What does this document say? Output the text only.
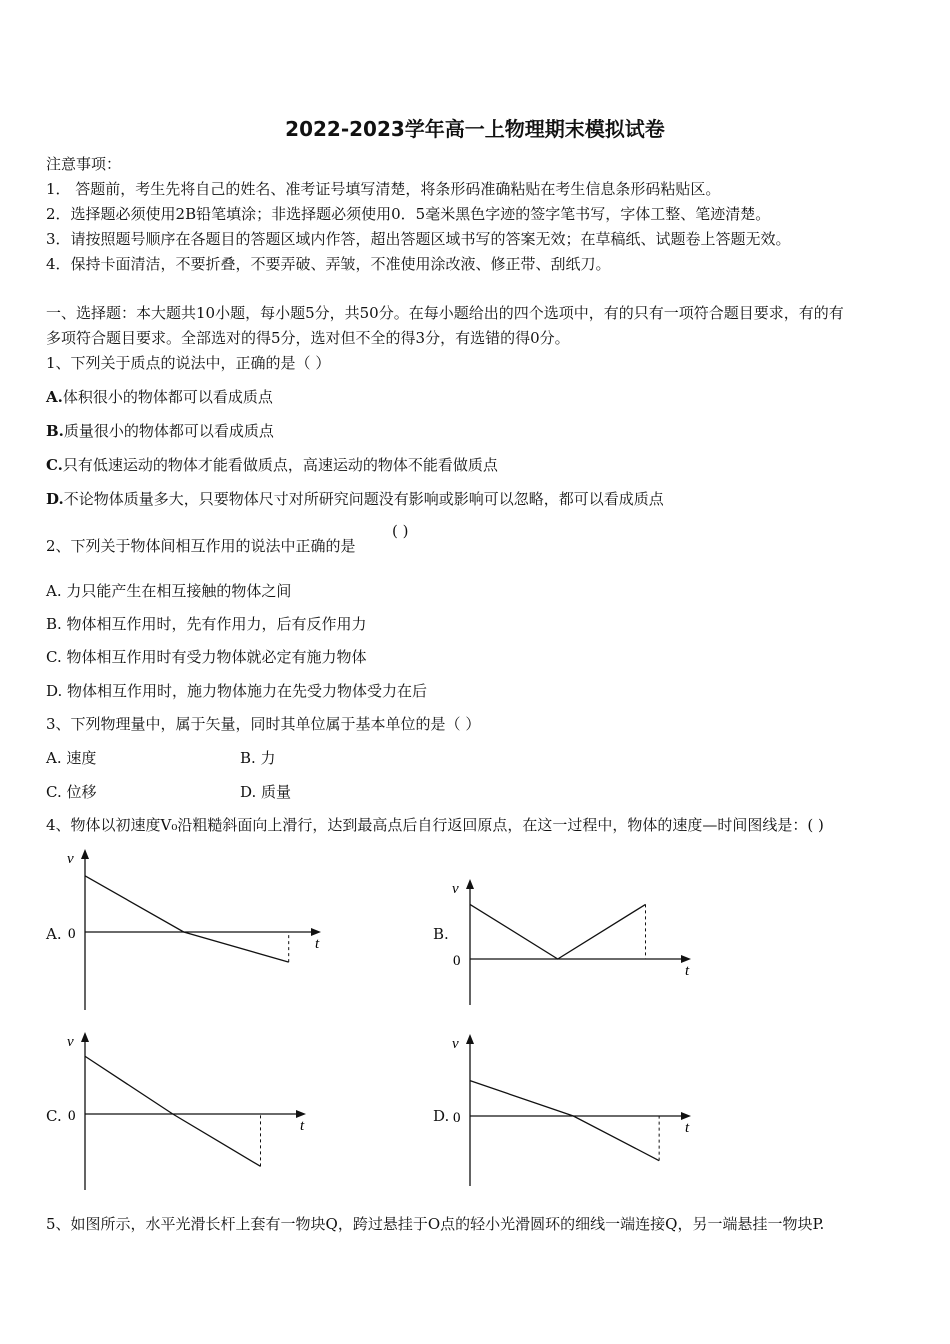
2022-2023学年高一上物理期末模拟试卷
注意事项：
1． 答题前，考生先将自己的姓名、准考证号填写清楚，将条形码准确粘贴在考生信息条形码粘贴区。
2．选择题必须使用2B铅笔填涂；非选择题必须使用0．5毫米黑色字迹的签字笔书写，字体工整、笔迹清楚。
3．请按照题号顺序在各题目的答题区域内作答，超出答题区域书写的答案无效；在草稿纸、试题卷上答题无效。
4．保持卡面清洁，不要折叠，不要弄破、弄皱，不准使用涂改液、修正带、刮纸刀。
一、选择题：本大题共10小题，每小题5分，共50分。在每小题给出的四个选项中，有的只有一项符合题目要求，有的有
多项符合题目要求。全部选对的得5分，选对但不全的得3分，有选错的得0分。
1、下列关于质点的说法中，正确的是（ ）
A.体积很小的物体都可以看成质点
B.质量很小的物体都可以看成质点
C.只有低速运动的物体才能看做质点，高速运动的物体不能看做质点
D.不论物体质量多大，只要物体尺寸对所研究问题没有影响或影响可以忽略，都可以看成质点
2、下列关于物体间相互作用的说法中正确的是
( )
A. 力只能产生在相互接触的物体之间
B. 物体相互作用时，先有作用力，后有反作用力
C. 物体相互作用时有受力物体就必定有施力物体
D. 物体相互作用时，施力物体施力在先受力物体受力在后
3、下列物理量中，属于矢量，同时其单位属于基本单位的是（ ）
A. 速度	B. 力
C. 位移	D. 质量
4、物体以初速度V₀沿粗糙斜面向上滑行，达到最高点后自行返回原点，在这一过程中，物体的速度—时间图线是：( )
A.
v
t
0	B.
v
t
0
C.
v
t
0	D.
v
t
0
5、如图所示，水平光滑长杆上套有一物块Q，跨过悬挂于O点的轻小光滑圆环的细线一端连接Q，另一端悬挂一物块P.
